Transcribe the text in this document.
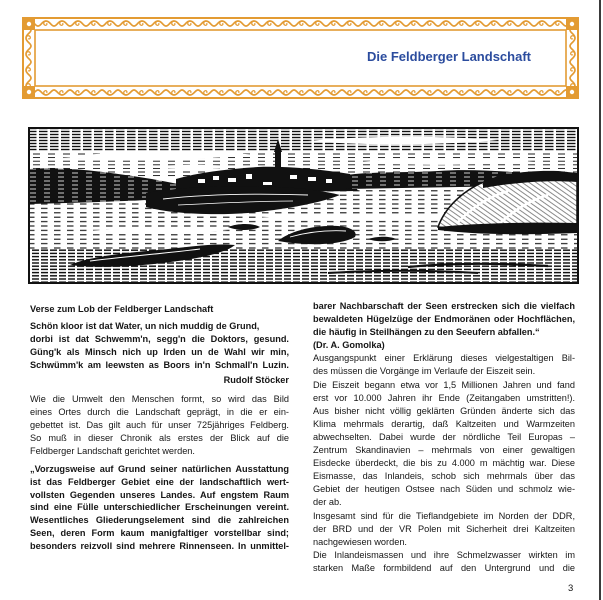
Die Feldberger Landschaft
Verse zum Lob der Feldberger Landschaft
Schön kloor ist dat Water, un nich muddig de Grund,
dorbi ist dat Schwemm'n, segg'n die Doktors, gesund.
Güng'k als Minsch nich up Irden un de Wahl wir min,
Schwümm'k am leewsten as Boors in'n Schmall'n Luzin.
Rudolf Stöcker
Wie die Umwelt den Menschen formt, so wird das Bild
eines Ortes durch die Landschaft geprägt, in die er ein-
gebettet ist. Das gilt auch für unser 725jähriges Feldberg.
So muß in dieser Chronik als erstes der Blick auf die
Feldberger Landschaft gerichtet werden.
„Vorzugsweise auf Grund seiner natürlichen Ausstattung
ist das Feldberger Gebiet eine der landschaftlich wert-
vollsten Gegenden unseres Landes. Auf engstem Raum
sind eine Fülle unterschiedlicher Erscheinungen vereint.
Wesentliches Gliederungselement sind die zahlreichen
Seen, deren Form kaum manigfaltiger vorstellbar sind;
besonders reizvoll sind mehrere Rinnenseen. In unmittel-
barer Nachbarschaft der Seen erstrecken sich die vielfach
bewaldeten Hügelzüge der Endmoränen oder Hochflächen,
die häufig in Steilhängen zu den Seeufern abfallen.“
(Dr. A. Gomolka)
Ausgangspunkt einer Erklärung dieses vielgestaltigen Bil-
des müssen die Vorgänge im Verlaufe der Eiszeit sein.
Die Eiszeit begann etwa vor 1,5 Millionen Jahren und fand
erst vor 10.000 Jahren ihr Ende (Zeitangaben umstritten!).
Aus bisher nicht völlig geklärten Gründen änderte sich das
Klima mehrmals derartig, daß Kaltzeiten und Warmzeiten
abwechselten. Dabei wurde der nördliche Teil Europas –
Zentrum Skandinavien – mehrmals von einer gewaltigen
Eisdecke überdeckt, die bis zu 4.000 m mächtig war. Diese
Eismasse, das Inlandeis, schob sich mehrmals über das
Gebiet der heutigen Ostsee nach Süden und schmolz wie-
der ab.
Insgesamt sind für die Tieflandgebiete im Norden der DDR,
der BRD und der VR Polen mit Sicherheit drei Kaltzeiten
nachgewiesen worden.
Die Inlandeismassen und ihre Schmelzwasser wirkten im
starken Maße formbildend auf den Untergrund und die
3
